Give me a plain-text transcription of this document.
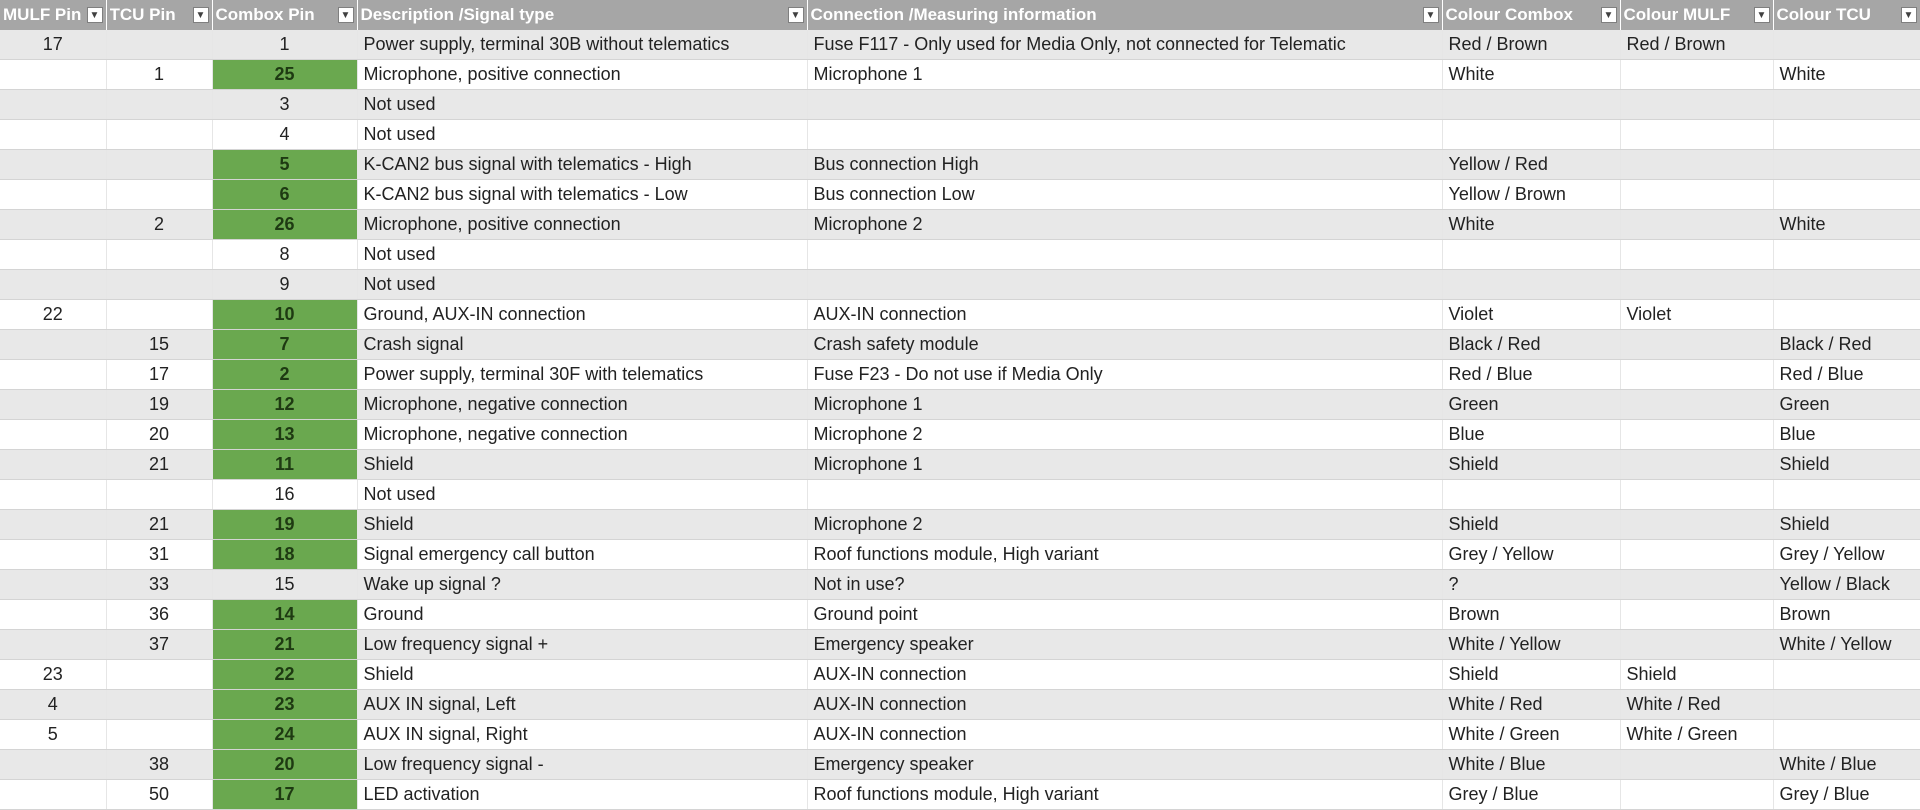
MULF Pin ▼	TCU Pin ▼	Combox Pin ▼	Description /Signal type ▼	Connection /Measuring information ▼	Colour Combox ▼	Colour MULF ▼	Colour TCU ▼

17		1	Power supply, terminal 30B without telematics	Fuse F117 - Only used for Media Only, not connected for Telematic	Red / Brown	Red / Brown	
	1	25	Microphone, positive connection	Microphone 1	White		White
		3	Not used				
		4	Not used				
		5	K-CAN2 bus signal with telematics - High	Bus connection High	Yellow / Red		
		6	K-CAN2 bus signal with telematics - Low	Bus connection Low	Yellow / Brown		
	2	26	Microphone, positive connection	Microphone 2	White		White
		8	Not used				
		9	Not used				
22		10	Ground, AUX-IN connection	AUX-IN connection	Violet	Violet	
	15	7	Crash signal	Crash safety module	Black / Red		Black / Red
	17	2	Power supply, terminal 30F with telematics	Fuse F23 - Do not use if Media Only	Red / Blue		Red / Blue
	19	12	Microphone, negative connection	Microphone 1	Green		Green
	20	13	Microphone, negative connection	Microphone 2	Blue		Blue
	21	11	Shield	Microphone 1	Shield		Shield
		16	Not used				
	21	19	Shield	Microphone 2	Shield		Shield
	31	18	Signal emergency call button	Roof functions module, High variant	Grey / Yellow		Grey / Yellow
	33	15	Wake up signal ?	Not in use?	?		Yellow / Black
	36	14	Ground	Ground point	Brown		Brown
	37	21	Low frequency signal +	Emergency speaker	White / Yellow		White / Yellow
23		22	Shield	AUX-IN connection	Shield	Shield	
4		23	AUX IN signal, Left	AUX-IN connection	White / Red	White / Red	
5		24	AUX IN signal, Right	AUX-IN connection	White / Green	White / Green	
	38	20	Low frequency signal -	Emergency speaker	White / Blue		White / Blue
	50	17	LED activation	Roof functions module, High variant	Grey / Blue		Grey / Blue
